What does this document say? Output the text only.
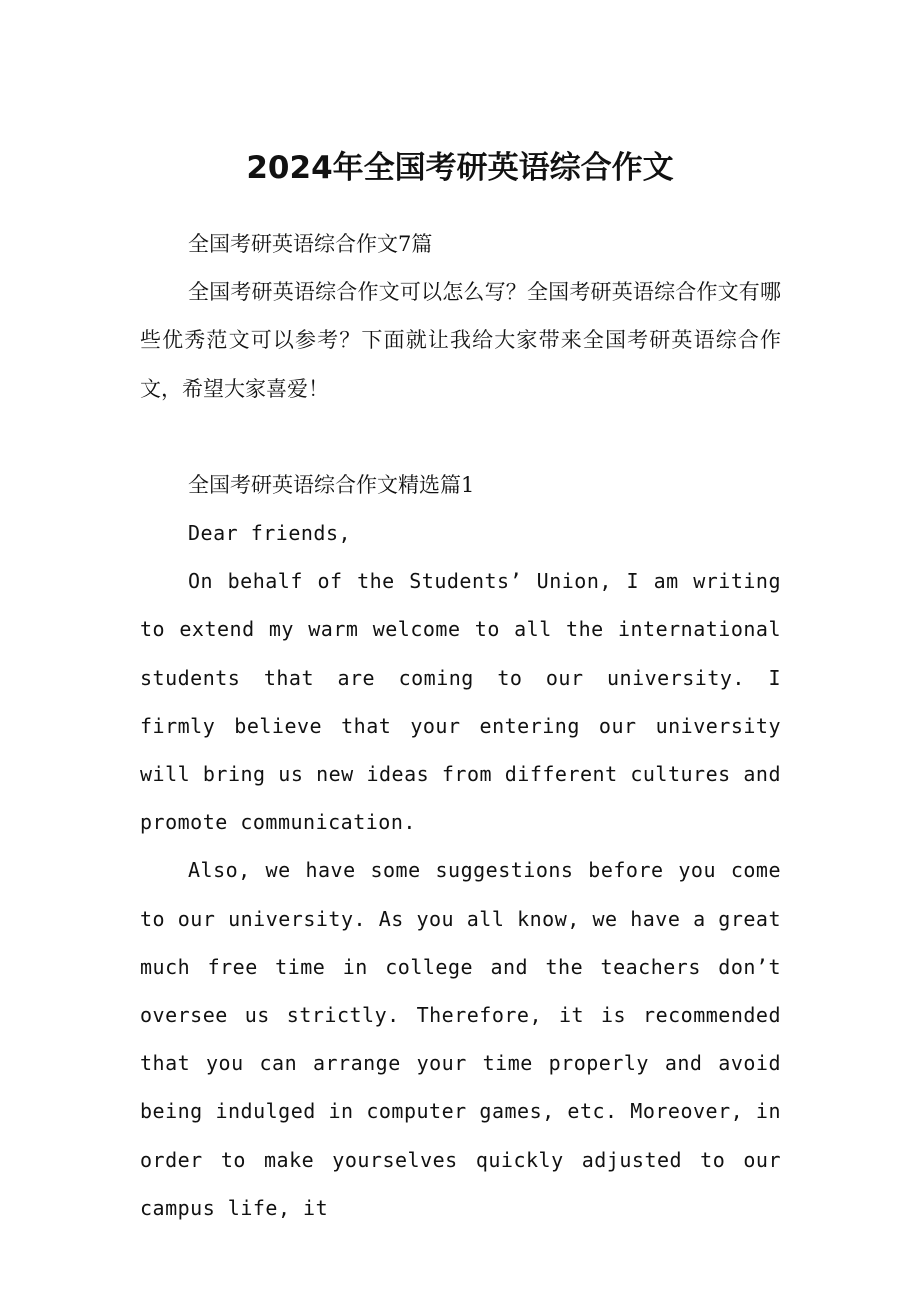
2024年全国考研英语综合作文

全国考研英语综合作文7篇

全国考研英语综合作文可以怎么写？全国考研英语综合作文有哪些优秀范文可以参考？下面就让我给大家带来全国考研英语综合作文，希望大家喜爱！

全国考研英语综合作文精选篇1

Dear friends,

On behalf of the Students’ Union, I am writing to extend my warm welcome to all the international students that are coming to our university. I firmly believe that your entering our university will bring us new ideas from different cultures and promote communication.

Also, we have some suggestions before you come to our university. As you all know, we have a great much free time in college and the teachers don’t oversee us strictly. Therefore, it is recommended that you can arrange your time properly and avoid being indulged in computer games, etc. Moreover, in order to make yourselves quickly adjusted to our campus life, it
